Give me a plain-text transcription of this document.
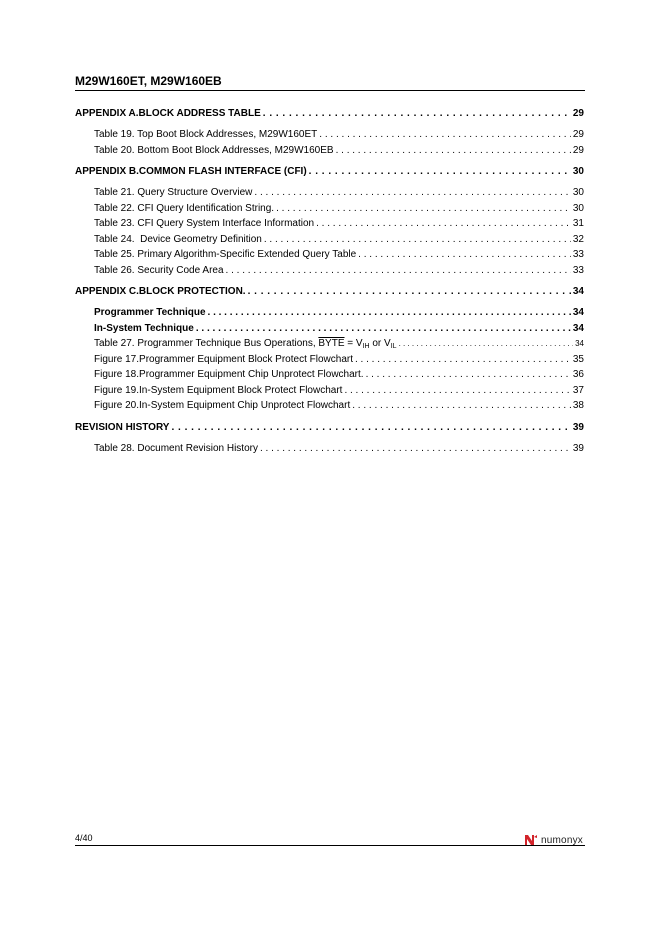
M29W160ET, M29W160EB
APPENDIX A.BLOCK ADDRESS TABLE . . .	29
Table 19. Top Boot Block Addresses, M29W160ET . . .	29
Table 20. Bottom Boot Block Addresses, M29W160EB . . .	29
APPENDIX B.COMMON FLASH INTERFACE (CFI) . . .	30
Table 21. Query Structure Overview . . .	30
Table 22. CFI Query Identification String. . . .	30
Table 23. CFI Query System Interface Information . . .	31
Table 24.  Device Geometry Definition . . .	32
Table 25. Primary Algorithm-Specific Extended Query Table . . .	33
Table 26. Security Code Area . . .	33
APPENDIX C.BLOCK PROTECTION. . . .	34
Programmer Technique . . .	34
In-System Technique . . .	34
Table 27. Programmer Technique Bus Operations, BYTE = $V_{IH}$ or $V_{IL}$ . . .	34
Figure 17.Programmer Equipment Block Protect Flowchart . . .	35
Figure 18.Programmer Equipment Chip Unprotect Flowchart. . . .	36
Figure 19.In-System Equipment Block Protect Flowchart . . .	37
Figure 20.In-System Equipment Chip Unprotect Flowchart . . .	38
REVISION HISTORY . . .	39
Table 28. Document Revision History . . .	39
4/40	numonyx
